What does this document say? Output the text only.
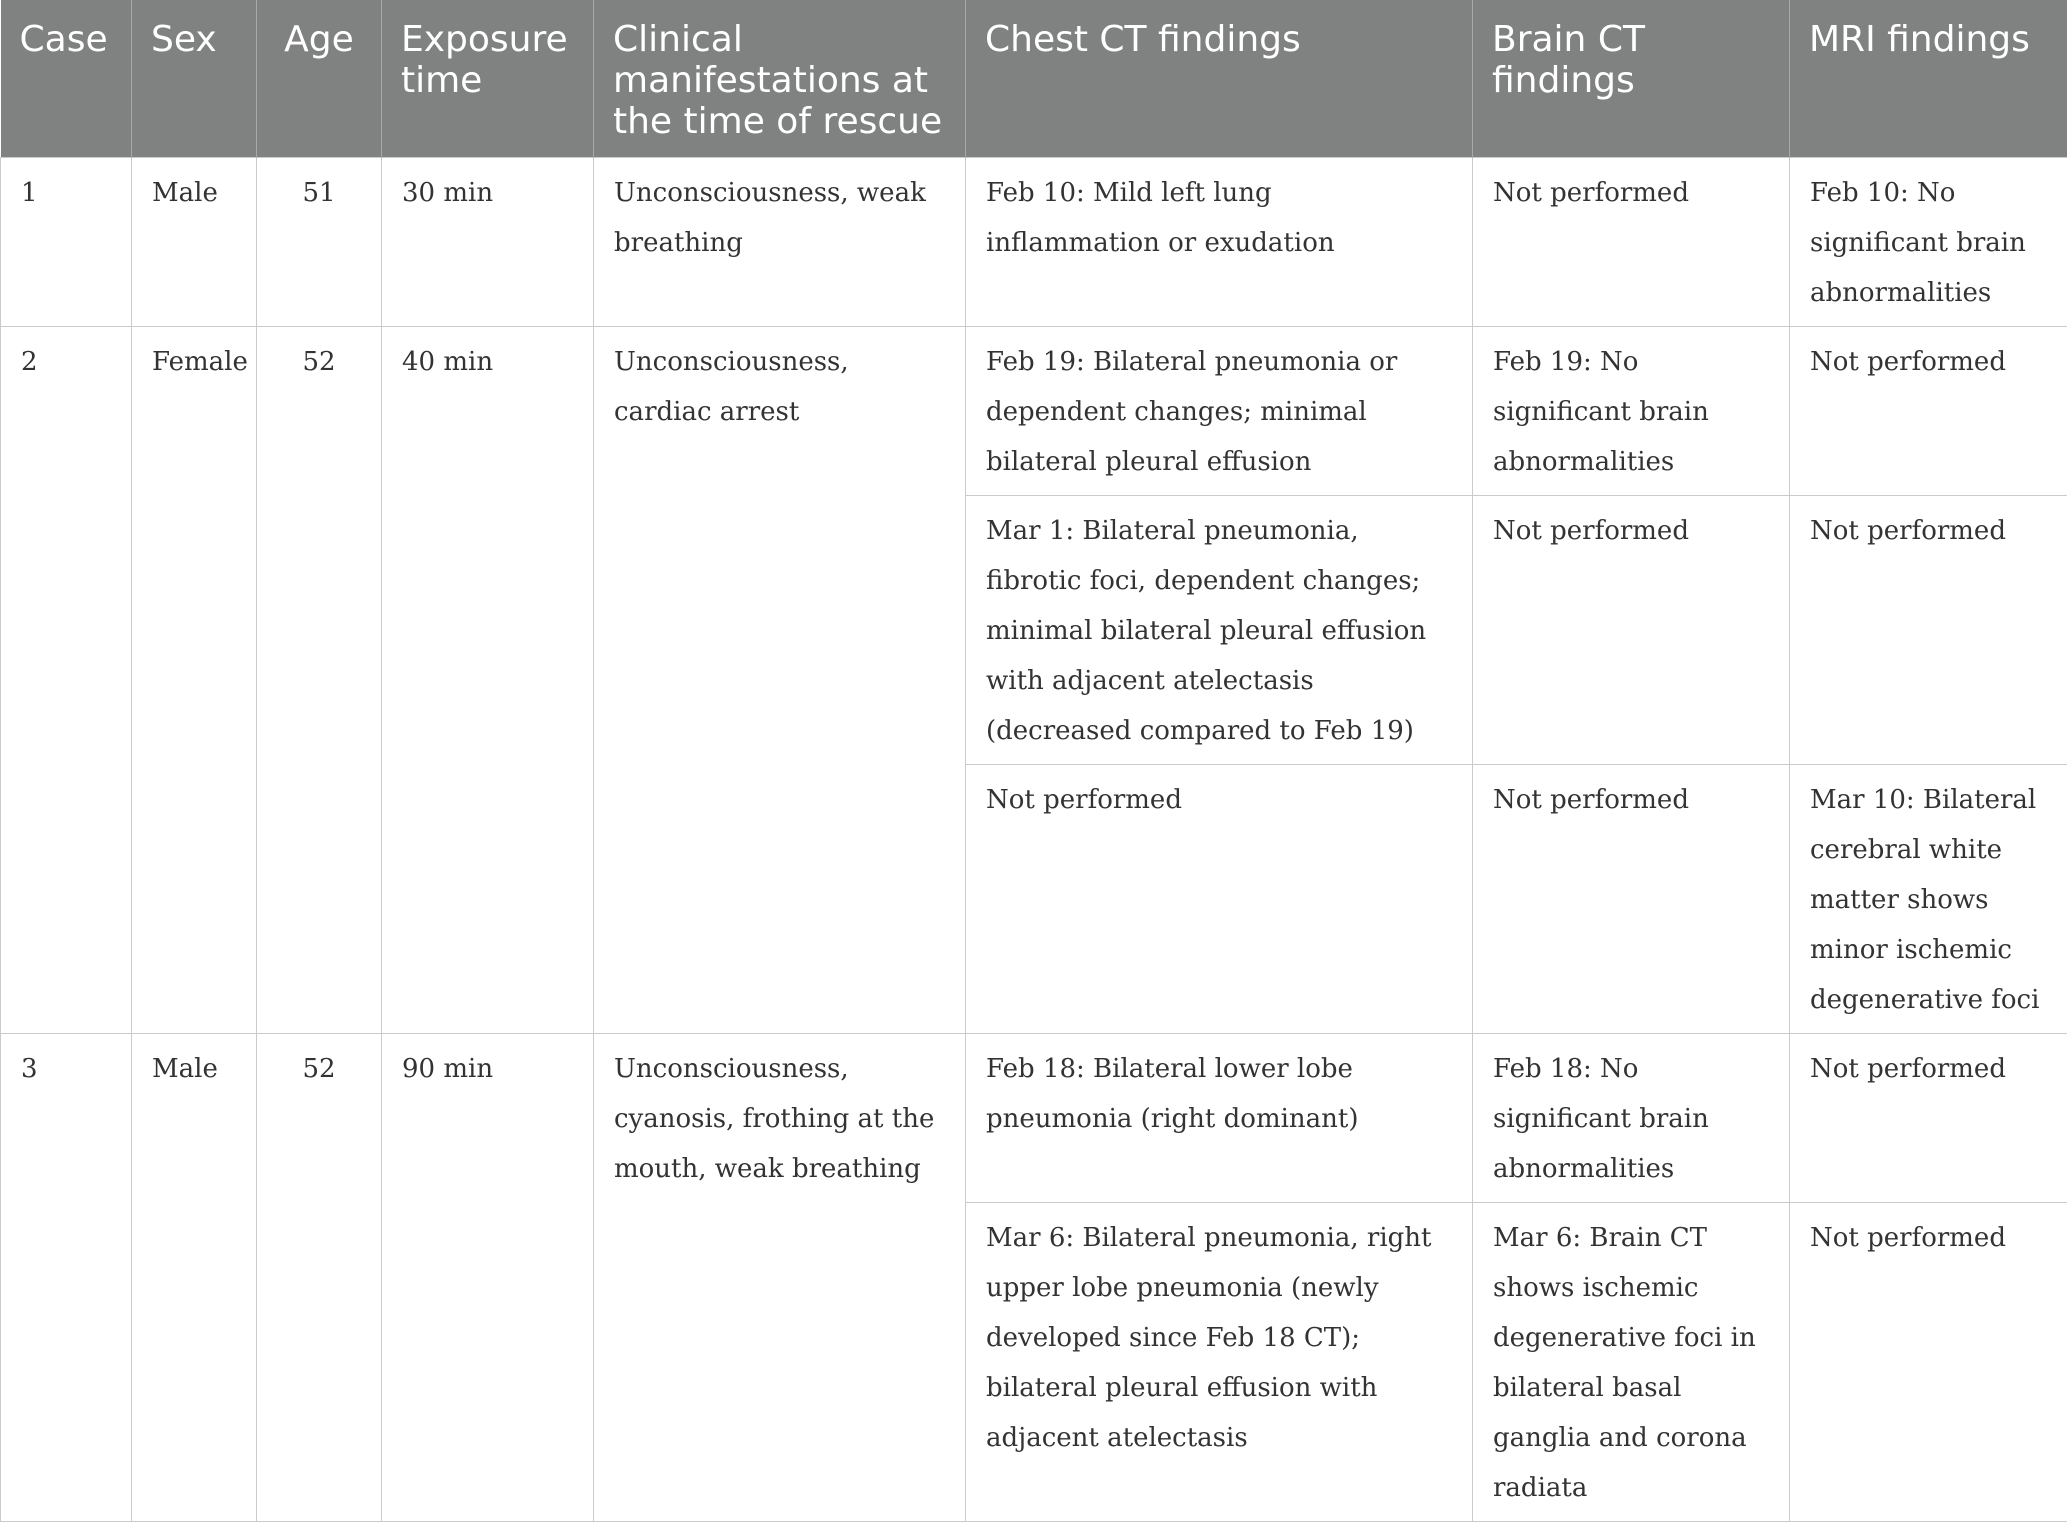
Case	Sex	Age	Exposure time	Clinical manifestations at the time of rescue	Chest CT findings	Brain CT findings	MRI findings
1	Male	51	30 min	Unconsciousness, weak breathing	Feb 10: Mild left lung inflammation or exudation	Not performed	Feb 10: No significant brain abnormalities
2	Female	52	40 min	Unconsciousness, cardiac arrest	Feb 19: Bilateral pneumonia or dependent changes; minimal bilateral pleural effusion	Feb 19: No significant brain abnormalities	Not performed
					Mar 1: Bilateral pneumonia, fibrotic foci, dependent changes; minimal bilateral pleural effusion with adjacent atelectasis (decreased compared to Feb 19)	Not performed	Not performed
					Not performed	Not performed	Mar 10: Bilateral cerebral white matter shows minor ischemic degenerative foci
3	Male	52	90 min	Unconsciousness, cyanosis, frothing at the mouth, weak breathing	Feb 18: Bilateral lower lobe pneumonia (right dominant)	Feb 18: No significant brain abnormalities	Not performed
					Mar 6: Bilateral pneumonia, right upper lobe pneumonia (newly developed since Feb 18 CT); bilateral pleural effusion with adjacent atelectasis	Mar 6: Brain CT shows ischemic degenerative foci in bilateral basal ganglia and corona radiata	Not performed
